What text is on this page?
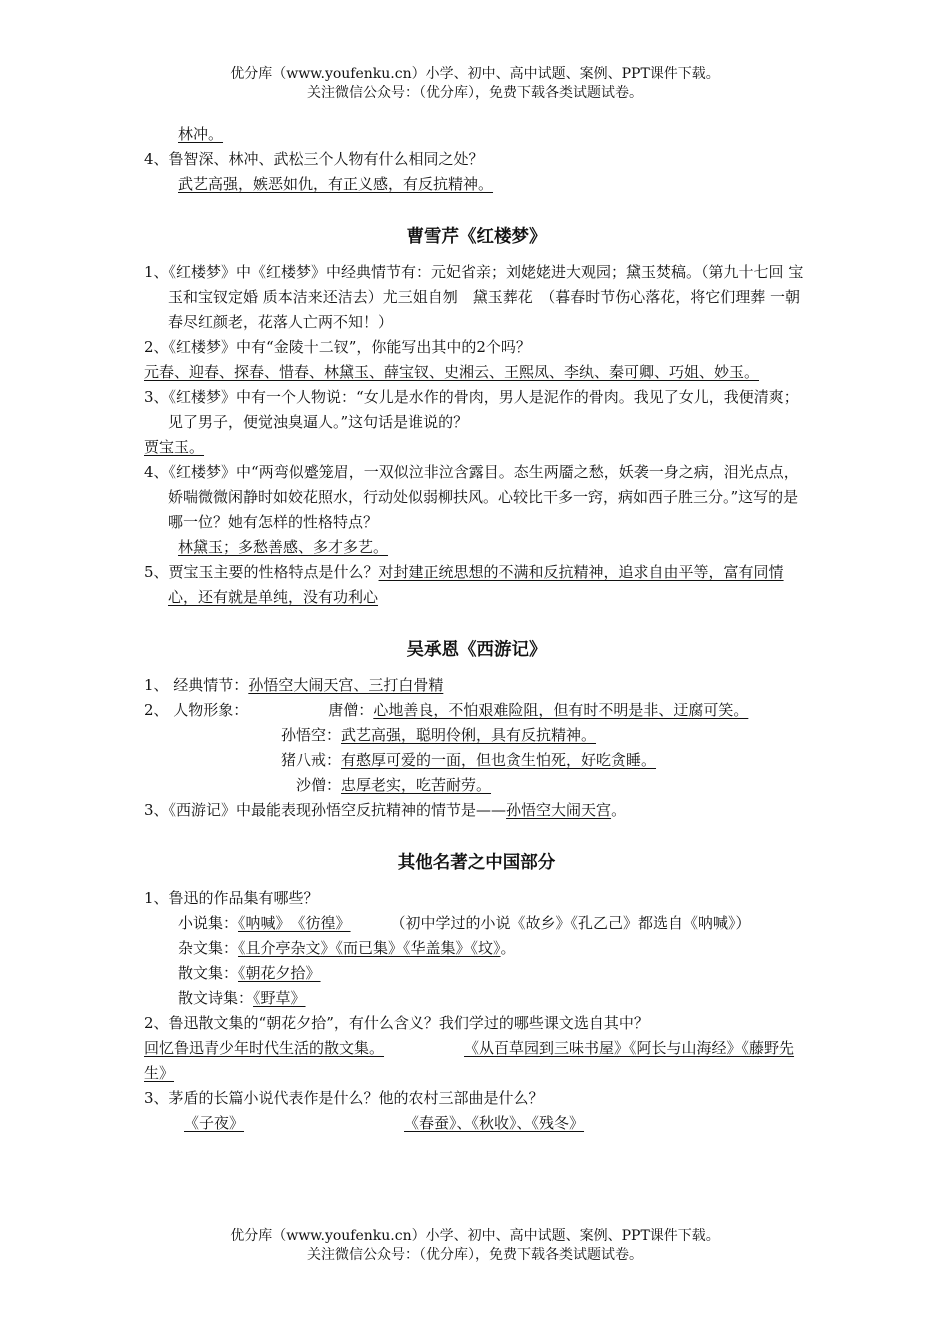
优分库（www.youfenku.cn）小学、初中、高中试题、案例、PPT课件下载。
关注微信公众号：（优分库），免费下载各类试题试卷。
林冲。
4、鲁智深、林冲、武松三个人物有什么相同之处？
武艺高强，嫉恶如仇，有正义感，有反抗精神。
曹雪芹《红楼梦》
1、《红楼梦》中《红楼梦》中经典情节有：元妃省亲；刘姥姥进大观园；黛玉焚稿。（第九十七回 宝玉和宝钗定婚 质本洁来还洁去）尤三姐自刎　黛玉葬花　（暮春时节伤心落花，将它们理葬 一朝春尽红颜老，花落人亡两不知！）
2、《红楼梦》中有“金陵十二钗”，你能写出其中的2个吗？
元春、迎春、探春、惜春、林黛玉、薛宝钗、史湘云、王熙凤、李纨、秦可卿、巧姐、妙玉。
3、《红楼梦》中有一个人物说：“女儿是水作的骨肉，男人是泥作的骨肉。我见了女儿，我便清爽；见了男子，便觉浊臭逼人。”这句话是谁说的？
贾宝玉。
4、《红楼梦》中“两弯似蹙笼眉，一双似泣非泣含露目。态生两靥之愁，妖袭一身之病，泪光点点，娇喘微微闲静时如姣花照水，行动处似弱柳扶风。心较比干多一窍，病如西子胜三分。”这写的是哪一位？她有怎样的性格特点？
林黛玉；多愁善感、多才多艺。
5、贾宝玉主要的性格特点是什么？对封建正统思想的不满和反抗精神，追求自由平等，富有同情心，还有就是单纯，没有功利心
吴承恩《西游记》
1、 经典情节：孙悟空大闹天宫、三打白骨精
2、 人物形象：	唐僧：心地善良，不怕艰难险阻，但有时不明是非、迂腐可笑。
孙悟空：武艺高强，聪明伶俐，具有反抗精神。
猪八戒：有憨厚可爱的一面，但也贪生怕死，好吃贪睡。
沙僧：忠厚老实，吃苦耐劳。
3、《西游记》中最能表现孙悟空反抗精神的情节是——孙悟空大闹天宫。
其他名著之中国部分
1、鲁迅的作品集有哪些？
小说集：《呐喊》　《彷徨》	（初中学过的小说《故乡》《孔乙己》都选自《呐喊》）
杂文集：《且介亭杂文》《而已集》《华盖集》《坟》。
散文集：《朝花夕拾》
散文诗集：《野草》
2、鲁迅散文集的“朝花夕拾”，有什么含义？我们学过的哪些课文选自其中？
回忆鲁迅青少年时代生活的散文集。	《从百草园到三味书屋》《阿长与山海经》《藤野先生》
3、茅盾的长篇小说代表作是什么？他的农村三部曲是什么？
《子夜》	《春蚕》、《秋收》、《残冬》
优分库（www.youfenku.cn）小学、初中、高中试题、案例、PPT课件下载。
关注微信公众号：（优分库），免费下载各类试题试卷。
